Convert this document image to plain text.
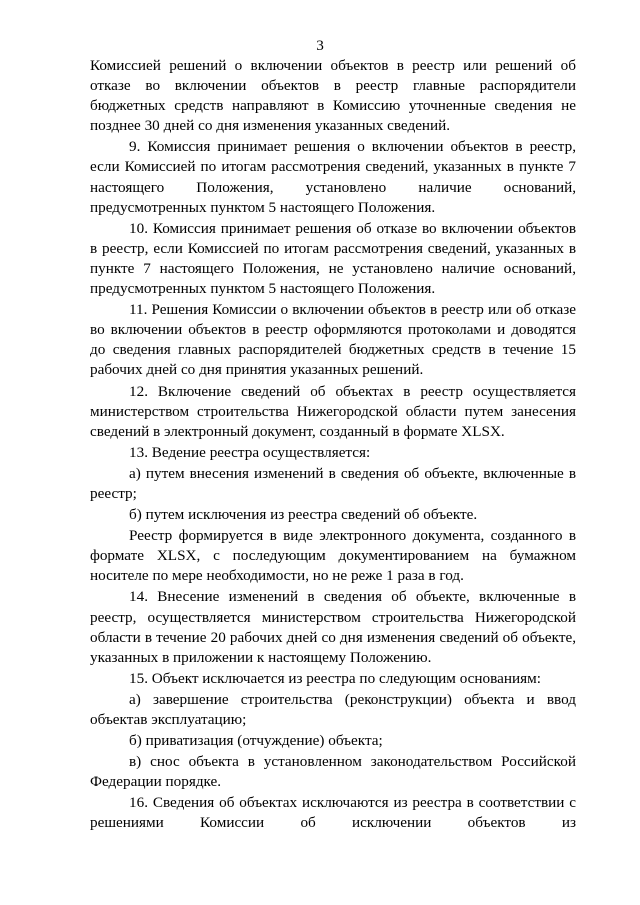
3

Комиссией решений о включении объектов в реестр или решений об отказе во включении объектов в реестр главные распорядители бюджетных средств направляют в Комиссию уточненные сведения не позднее 30 дней со дня изменения указанных сведений.

9. Комиссия принимает решения о включении объектов в реестр, если Комиссией по итогам рассмотрения сведений, указанных в пункте 7 настоящего Положения, установлено наличие оснований, предусмотренных пунктом 5 настоящего Положения.

10. Комиссия принимает решения об отказе во включении объектов в реестр, если Комиссией по итогам рассмотрения сведений, указанных в пункте 7 настоящего Положения, не установлено наличие оснований, предусмотренных пунктом 5 настоящего Положения.

11. Решения Комиссии о включении объектов в реестр или об отказе во включении объектов в реестр оформляются протоколами и доводятся до сведения главных распорядителей бюджетных средств в течение 15 рабочих дней со дня принятия указанных решений.

12. Включение сведений об объектах в реестр осуществляется министерством строительства Нижегородской области путем занесения сведений в электронный документ, созданный в формате XLSX.

13. Ведение реестра осуществляется:

а) путем внесения изменений в сведения об объекте, включенные в реестр;

б) путем исключения из реестра сведений об объекте.

Реестр формируется в виде электронного документа, созданного в формате XLSX, с последующим документированием на бумажном носителе по мере необходимости, но не реже 1 раза в год.

14. Внесение изменений в сведения об объекте, включенные в реестр, осуществляется министерством строительства Нижегородской области в течение 20 рабочих дней со дня изменения сведений об объекте, указанных в приложении к настоящему Положению.

15. Объект исключается из реестра по следующим основаниям:

а) завершение строительства (реконструкции) объекта и ввод объектав эксплуатацию;

б) приватизация (отчуждение) объекта;

в) снос объекта в установленном законодательством Российской Федерации порядке.

16. Сведения об объектах исключаются из реестра в соответствии с решениями Комиссии об исключении объектов из
